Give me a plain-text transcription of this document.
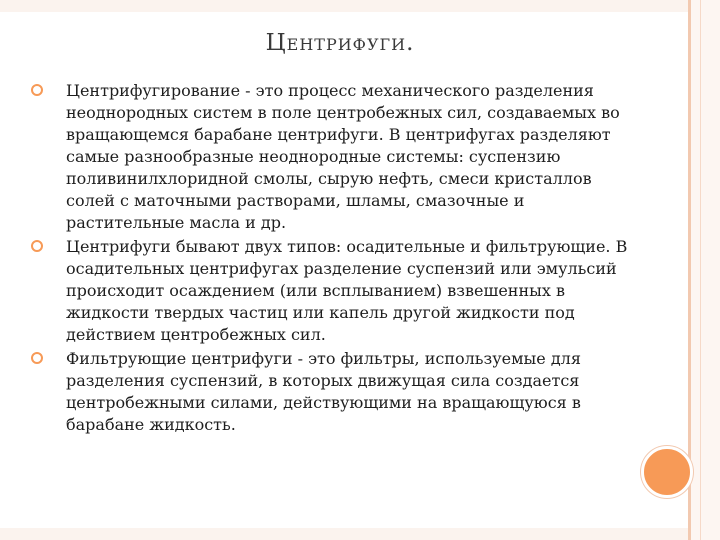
Центрифуги.
Центрифугирование - это процесс механического разделения неоднородных систем в поле центробежных сил, создаваемых во вращающемся барабане центрифуги. В центрифугах разделяют самые разнообразные неоднородные системы: суспензию поливинилхлоридной смолы, сырую нефть, смеси кристаллов солей с маточными растворами, шламы, смазочные и растительные масла и др.
Центрифуги бывают двух типов: осадительные и фильтрующие. В осадительных центрифугах разделение суспензий или эмульсий происходит осаждением (или всплыванием) взвешенных в жидкости твердых частиц или капель другой жидкости под действием центробежных сил.
Фильтрующие центрифуги - это фильтры, используемые для разделения суспензий, в которых движущая сила создается центробежными силами, действующими на вращающуюся в барабане жидкость.
